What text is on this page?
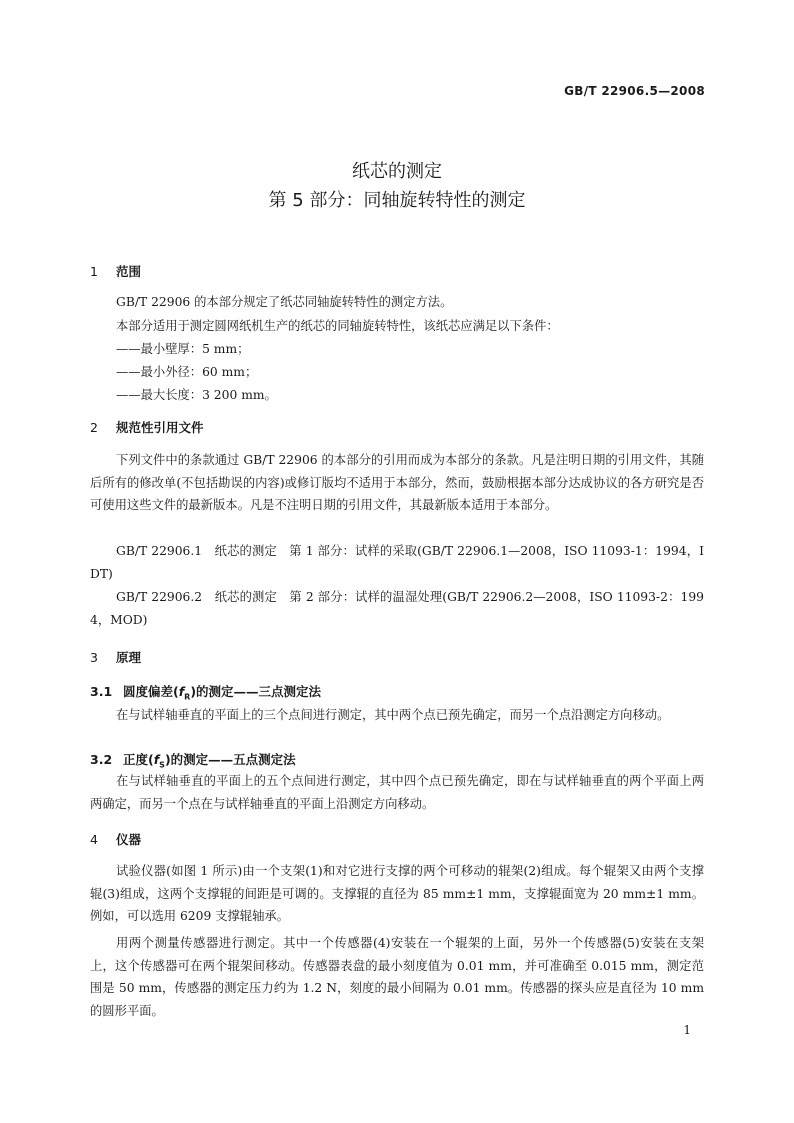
GB/T 22906.5—2008
纸芯的测定
第 5 部分：同轴旋转特性的测定
1 范围
GB/T 22906 的本部分规定了纸芯同轴旋转特性的测定方法。
本部分适用于测定圆网纸机生产的纸芯的同轴旋转特性，该纸芯应满足以下条件：
——最小壁厚：5 mm；
——最小外径：60 mm；
——最大长度：3 200 mm。
2 规范性引用文件
下列文件中的条款通过 GB/T 22906 的本部分的引用而成为本部分的条款。凡是注明日期的引用文件，其随后所有的修改单(不包括勘误的内容)或修订版均不适用于本部分，然而，鼓励根据本部分达成协议的各方研究是否可使用这些文件的最新版本。凡是不注明日期的引用文件，其最新版本适用于本部分。
GB/T 22906.1　纸芯的测定　第 1 部分：试样的采取(GB/T 22906.1—2008，ISO 11093-1：1994，IDT)
GB/T 22906.2　纸芯的测定　第 2 部分：试样的温湿处理(GB/T 22906.2—2008，ISO 11093-2：1994，MOD)
3 原理
3.1 圆度偏差$(f_R)$的测定——三点测定法
在与试样轴垂直的平面上的三个点间进行测定，其中两个点已预先确定，而另一个点沿测定方向移动。
3.2 正度$(f_S)$的测定——五点测定法
在与试样轴垂直的平面上的五个点间进行测定，其中四个点已预先确定，即在与试样轴垂直的两个平面上两两确定，而另一个点在与试样轴垂直的平面上沿测定方向移动。
4 仪器
试验仪器(如图 1 所示)由一个支架(1)和对它进行支撑的两个可移动的辊架(2)组成。每个辊架又由两个支撑辊(3)组成，这两个支撑辊的间距是可调的。支撑辊的直径为 85 mm±1 mm，支撑辊面宽为 20 mm±1 mm。例如，可以选用 6209 支撑辊轴承。
用两个测量传感器进行测定。其中一个传感器(4)安装在一个辊架的上面，另外一个传感器(5)安装在支架上，这个传感器可在两个辊架间移动。传感器表盘的最小刻度值为 0.01 mm，并可准确至 0.015 mm，测定范围是 50 mm，传感器的测定压力约为 1.2 N，刻度的最小间隔为 0.01 mm。传感器的探头应是直径为 10 mm 的圆形平面。
1
